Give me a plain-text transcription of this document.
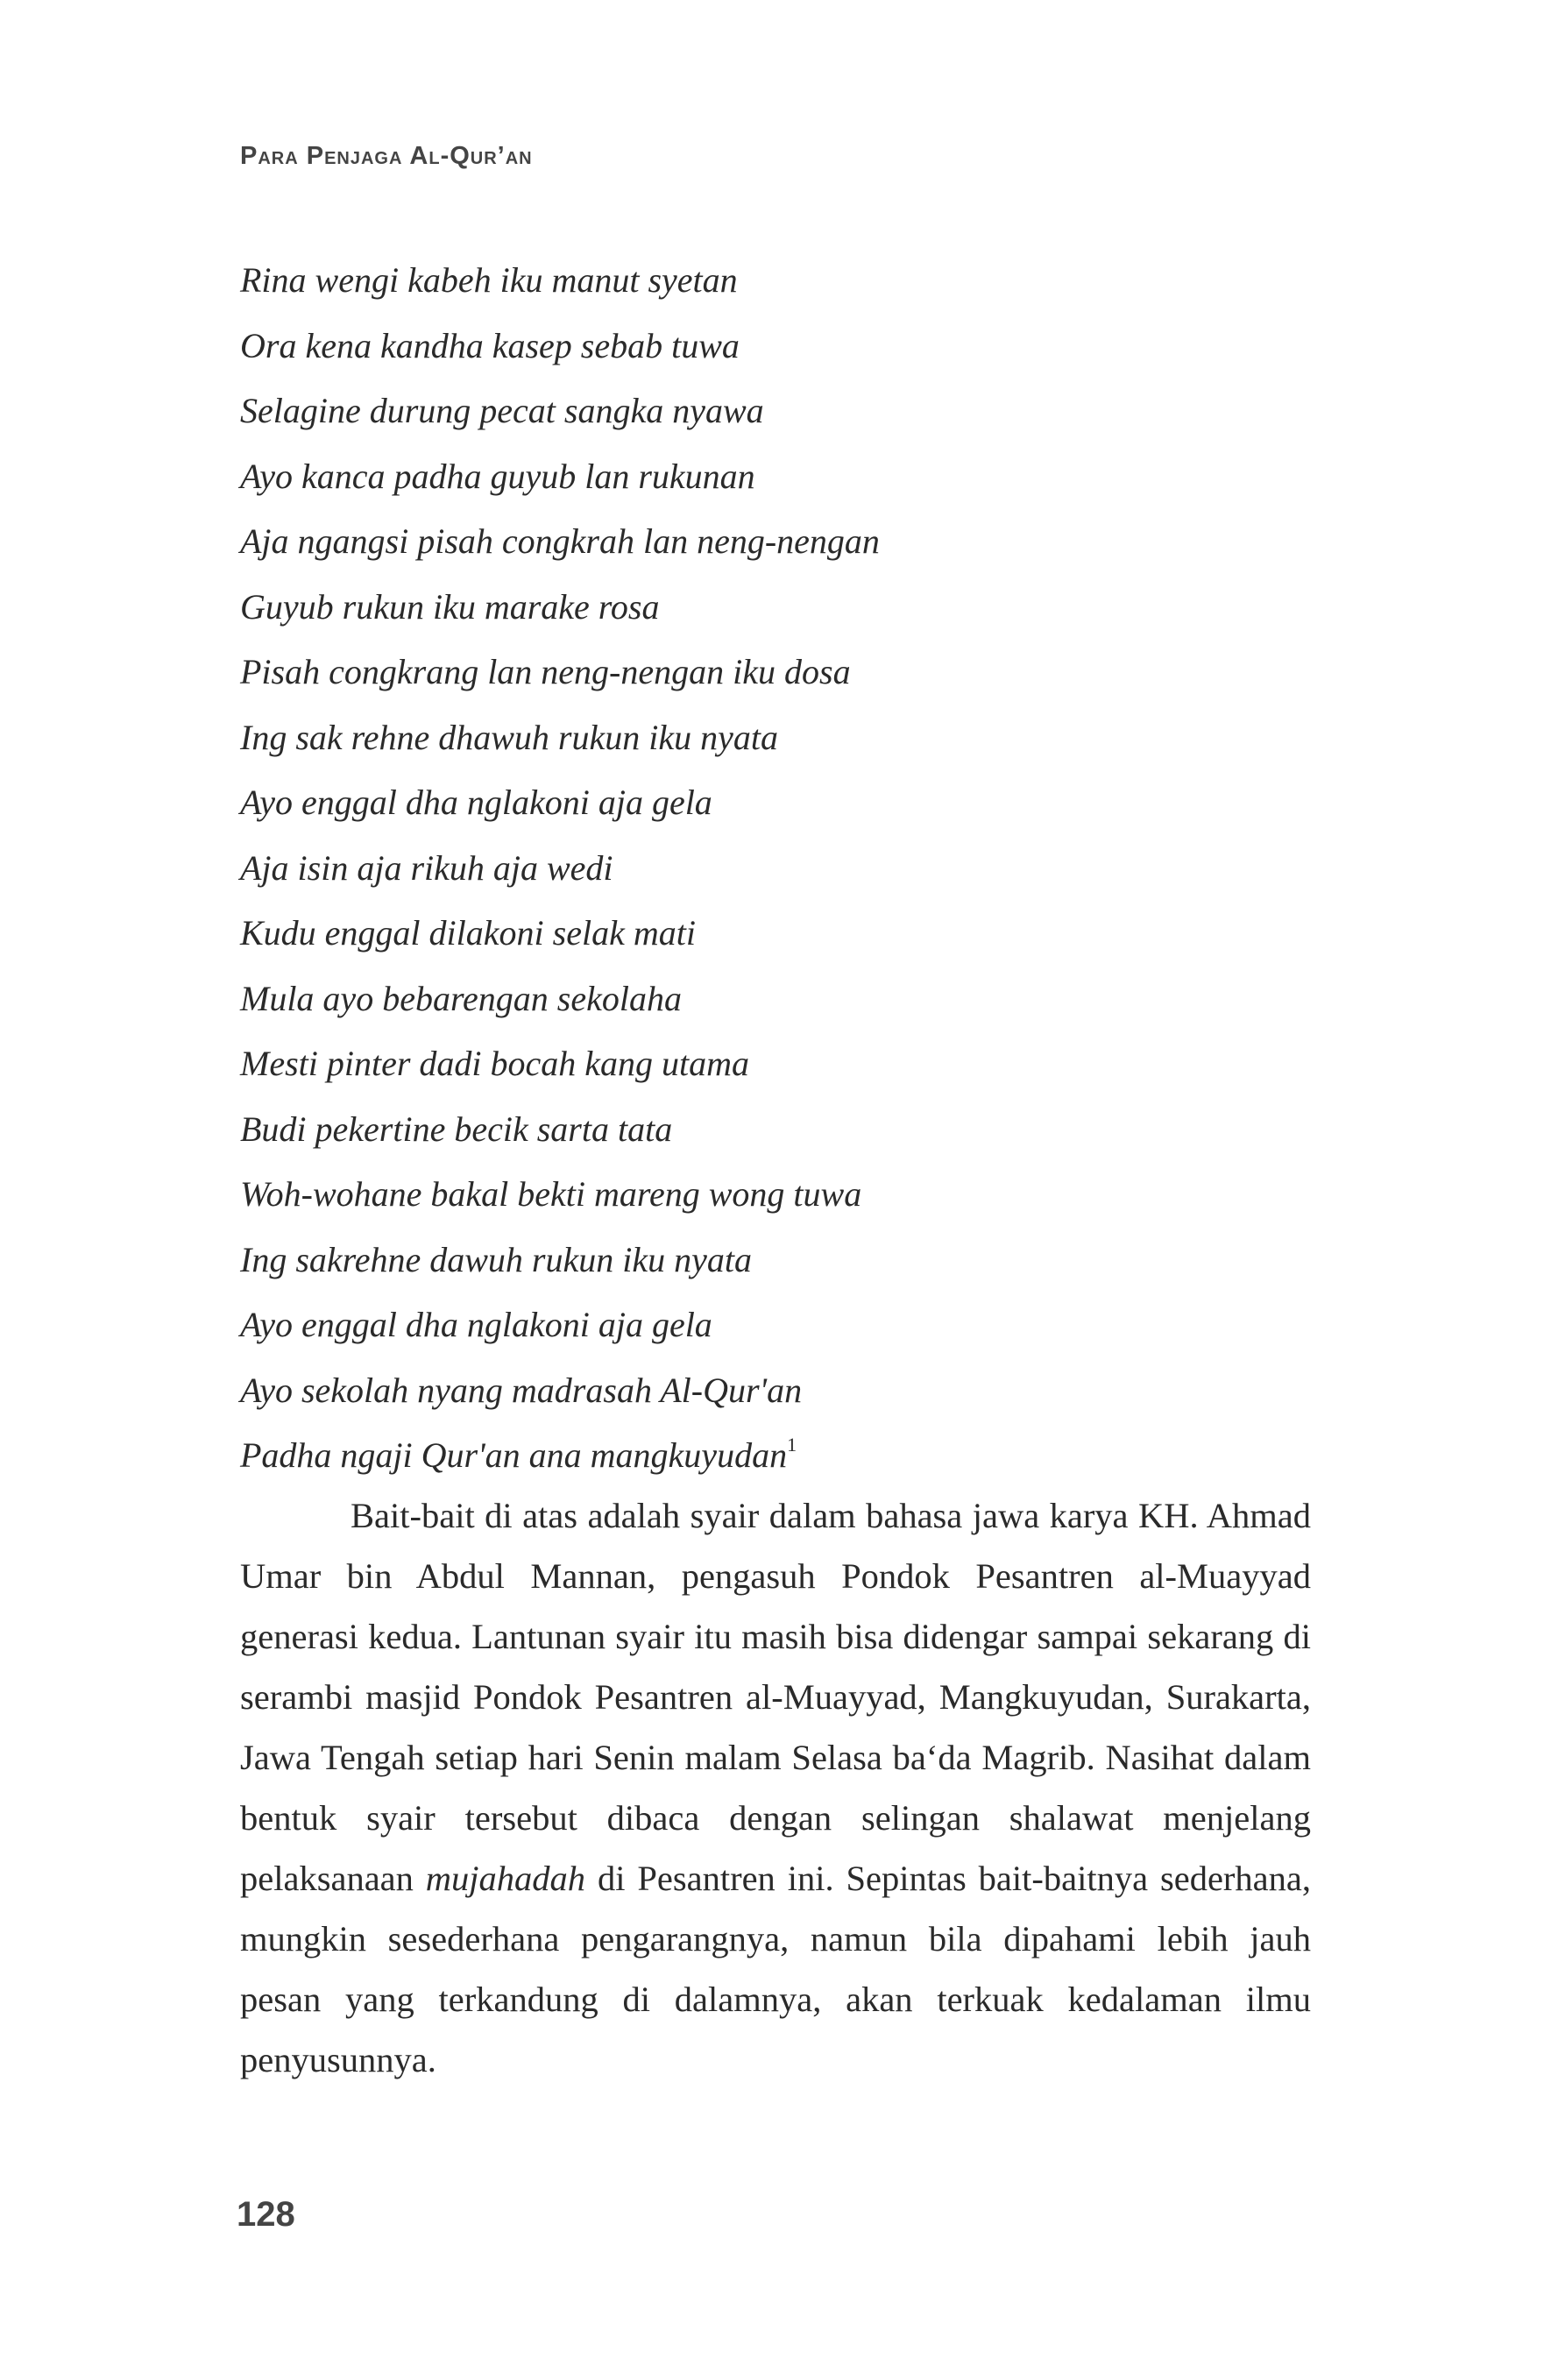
Para Penjaga Al-Qur’an
Rina wengi kabeh iku manut syetan
Ora kena kandha kasep sebab tuwa
Selagine durung pecat sangka nyawa
Ayo kanca padha guyub lan rukunan
Aja ngangsi pisah congkrah lan neng-nengan
Guyub rukun iku marake rosa
Pisah congkrang lan neng-nengan iku dosa
Ing sak rehne dhawuh rukun iku nyata
Ayo enggal dha nglakoni aja gela
Aja isin aja rikuh aja wedi
Kudu enggal dilakoni selak mati
Mula ayo bebarengan sekolaha
Mesti pinter dadi bocah kang utama
Budi pekertine becik sarta tata
Woh-wohane bakal bekti mareng wong tuwa
Ing sakrehne dawuh rukun iku nyata
Ayo enggal dha nglakoni aja gela
Ayo sekolah nyang madrasah Al-Qur'an
Padha ngaji Qur'an ana mangkuyudan$^1$

Bait-bait di atas adalah syair dalam bahasa jawa karya KH. Ahmad Umar bin Abdul Mannan, pengasuh Pondok Pesantren al-Muayyad generasi kedua. Lantunan syair itu masih bisa didengar sampai sekarang di serambi masjid Pondok Pesantren al-Muayyad, Mangkuyudan, Surakarta, Jawa Tengah setiap hari Senin malam Selasa ba‘da Magrib. Nasihat dalam bentuk syair tersebut dibaca dengan selingan shalawat menjelang pelaksanaan mujahadah di Pesantren ini. Sepintas bait-baitnya sederhana, mungkin sesederhana pengarangnya, namun bila dipahami lebih jauh pesan yang terkandung di dalamnya, akan terkuak kedalaman ilmu penyusunnya.

128
